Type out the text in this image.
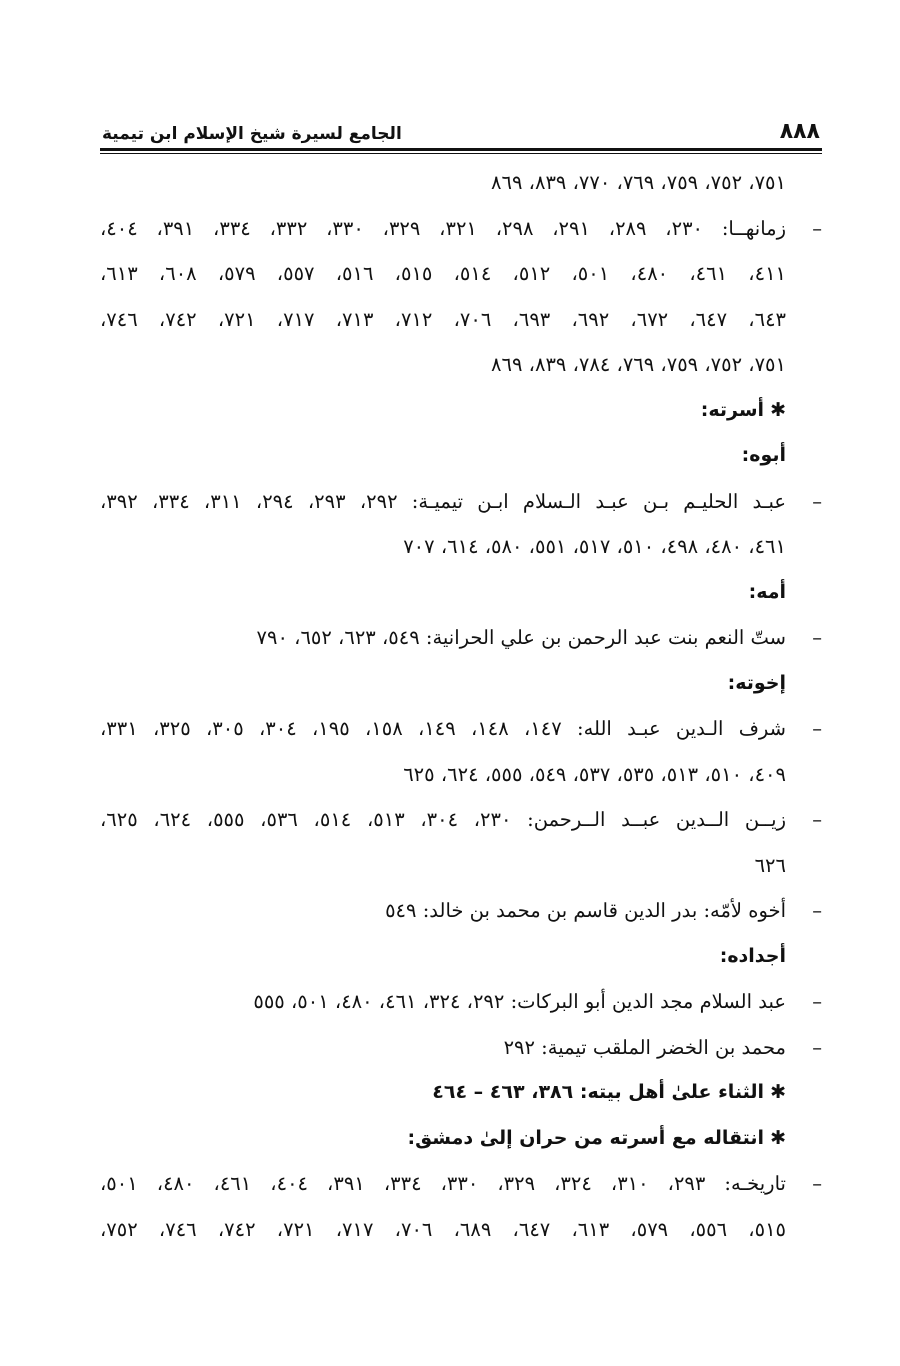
٨٨٨
الجامع لسيرة شيخ الإسلام ابن تيمية
٧٥١، ٧٥٢، ٧٥٩، ٧٦٩، ٧٧٠، ٨٣٩، ٨٦٩
–
زمانهــا: ٢٣٠، ٢٨٩، ٢٩١، ٢٩٨، ٣٢١، ٣٢٩، ٣٣٠، ٣٣٢، ٣٣٤، ٣٩١، ٤٠٤،
٤١١، ٤٦١، ٤٨٠، ٥٠١، ٥١٢، ٥١٤، ٥١٥، ٥١٦، ٥٥٧، ٥٧٩، ٦٠٨، ٦١٣،
٦٤٣، ٦٤٧، ٦٧٢، ٦٩٢، ٦٩٣، ٧٠٦، ٧١٢، ٧١٣، ٧١٧، ٧٢١، ٧٤٢، ٧٤٦،
٧٥١، ٧٥٢، ٧٥٩، ٧٦٩، ٧٨٤، ٨٣٩، ٨٦٩
✱أسرته:
أبوه:
–
عبـد الحليـم بـن عبـد الـسلام ابـن تيميـة: ٢٩٢، ٢٩٣، ٢٩٤، ٣١١، ٣٣٤، ٣٩٢،
٤٦١، ٤٨٠، ٤٩٨، ٥١٠، ٥١٧، ٥٥١، ٥٨٠، ٦١٤، ٧٠٧
أمه:
–
ستّ النعم بنت عبد الرحمن بن علي الحرانية: ٥٤٩، ٦٢٣، ٦٥٢، ٧٩٠
إخوته:
–
شرف الـدين عبـد الله: ١٤٧، ١٤٨، ١٤٩، ١٥٨، ١٩٥، ٣٠٤، ٣٠٥، ٣٢٥، ٣٣١،
٤٠٩، ٥١٠، ٥١٣، ٥٣٥، ٥٣٧، ٥٤٩، ٥٥٥، ٦٢٤، ٦٢٥
–
زيــن الــدين عبــد الــرحمن: ٢٣٠، ٣٠٤، ٥١٣، ٥١٤، ٥٣٦، ٥٥٥، ٦٢٤، ٦٢٥،
٦٢٦
–
أخوه لأمّه: بدر الدين قاسم بن محمد بن خالد: ٥٤٩
أجداده:
–
عبد السلام مجد الدين أبو البركات: ٢٩٢، ٣٢٤، ٤٦١، ٤٨٠، ٥٠١، ٥٥٥
–
محمد بن الخضر الملقب تيمية: ٢٩٢
✱الثناء علىٰ أهل بيته: ٣٨٦، ٤٦٣ – ٤٦٤
✱انتقاله مع أسرته من حران إلىٰ دمشق:
–
تاريخـه: ٢٩٣، ٣١٠، ٣٢٤، ٣٢٩، ٣٣٠، ٣٣٤، ٣٩١، ٤٠٤، ٤٦١، ٤٨٠، ٥٠١،
٥١٥، ٥٥٦، ٥٧٩، ٦١٣، ٦٤٧، ٦٨٩، ٧٠٦، ٧١٧، ٧٢١، ٧٤٢، ٧٤٦، ٧٥٢،
